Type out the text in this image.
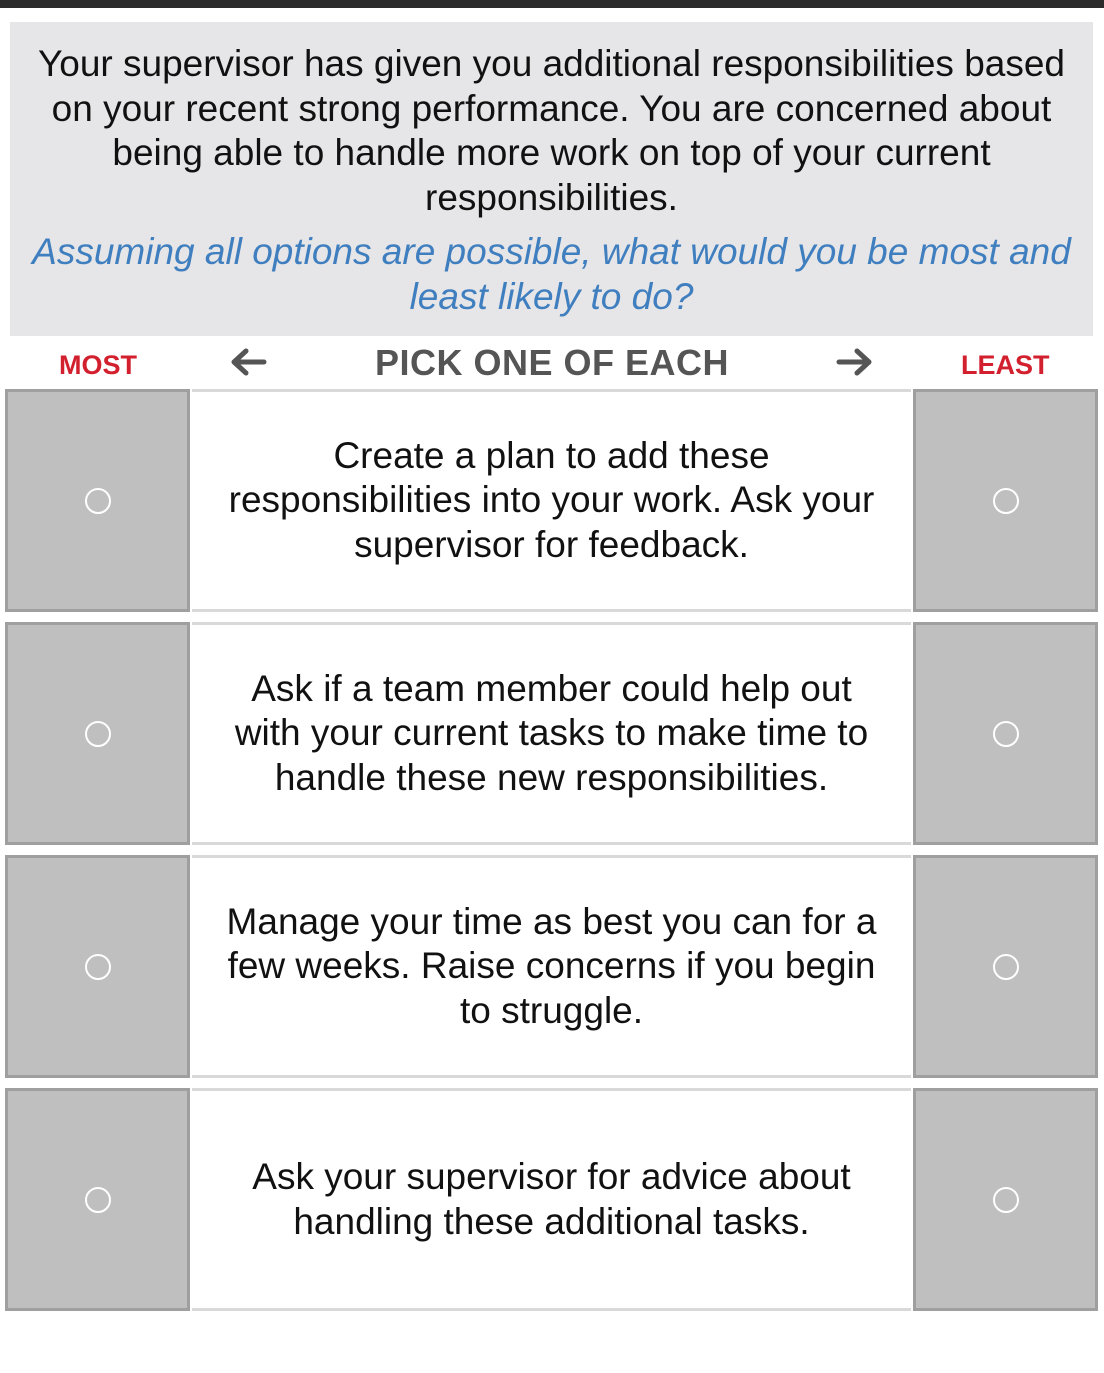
Your supervisor has given you additional responsibilities based on your recent strong performance. You are concerned about being able to handle more work on top of your current responsibilities.

Assuming all options are possible, what would you be most and least likely to do?

MOST	PICK ONE OF EACH	LEAST
Create a plan to add these responsibilities into your work. Ask your supervisor for feedback.
Ask if a team member could help out with your current tasks to make time to handle these new responsibilities.
Manage your time as best you can for a few weeks. Raise concerns if you begin to struggle.
Ask your supervisor for advice about handling these additional tasks.
